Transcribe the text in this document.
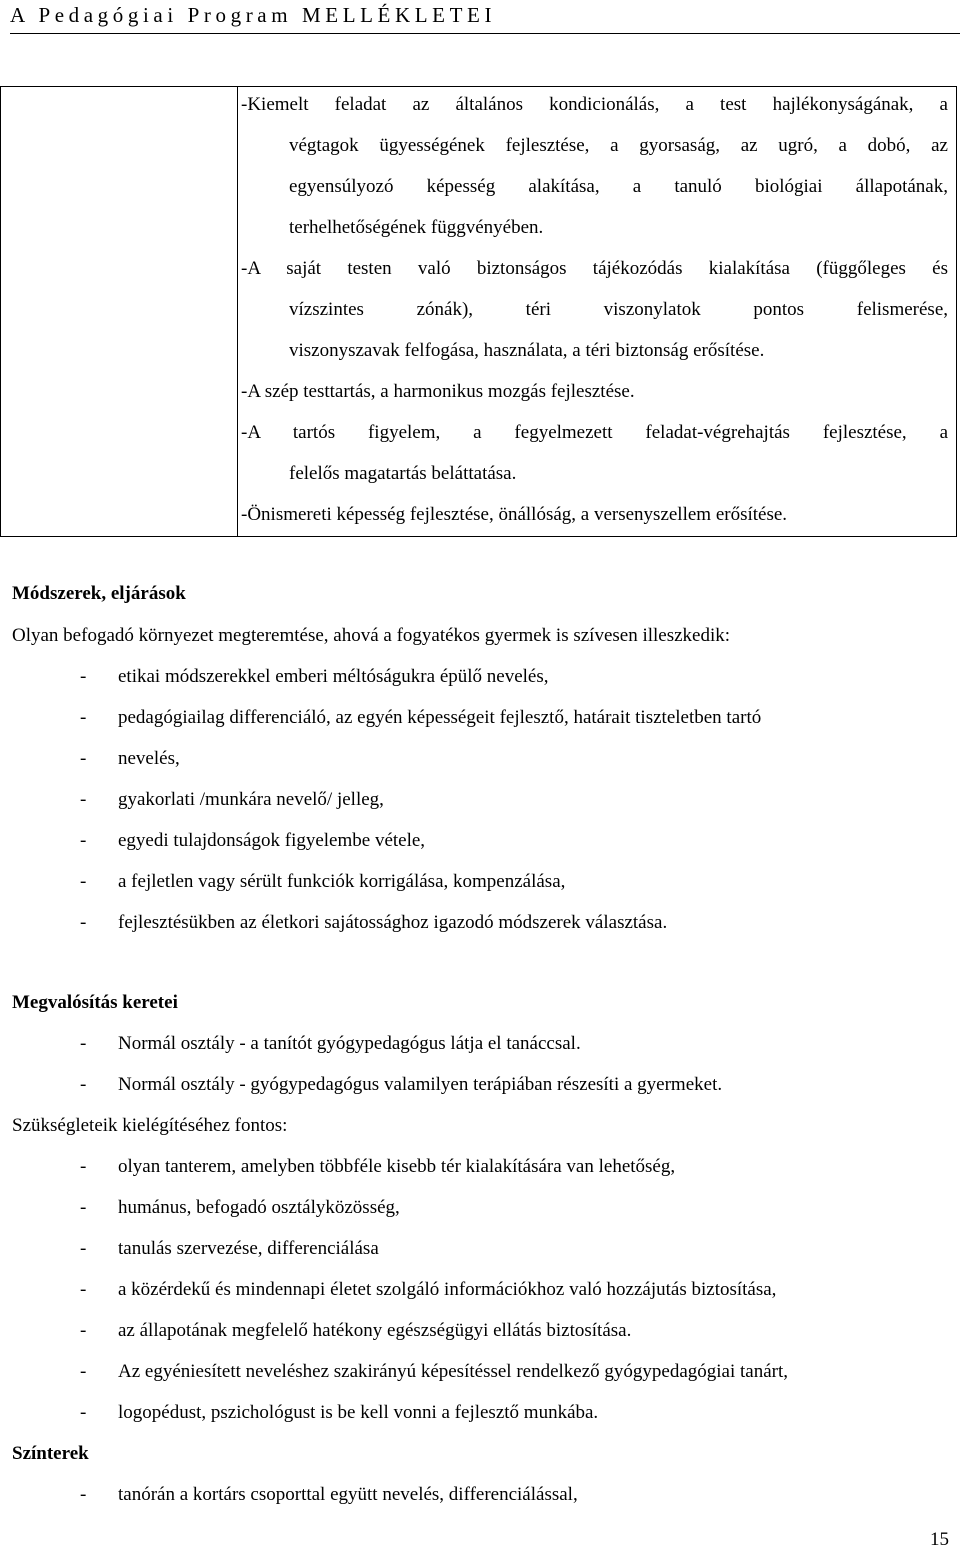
A Pedagógiai Program MELLÉKLETEI
-Kiemelt feladat az általános kondicionálás, a test hajlékonyságának, a
végtagok ügyességének fejlesztése, a gyorsaság, az ugró, a dobó, az
egyensúlyozó képesség alakítása, a tanuló biológiai állapotának,
terhelhetőségének függvényében.
-A saját testen való biztonságos tájékozódás kialakítása (függőleges és
vízszintes zónák), téri viszonylatok pontos felismerése,
viszonyszavak felfogása, használata, a téri biztonság erősítése.
-A szép testtartás, a harmonikus mozgás fejlesztése.
-A tartós figyelem, a fegyelmezett feladat-végrehajtás fejlesztése, a
felelős magatartás beláttatása.
-Önismereti képesség fejlesztése, önállóság, a versenyszellem erősítése.
Módszerek, eljárások
Olyan befogadó környezet megteremtése, ahová a fogyatékos gyermek is szívesen illeszkedik:
- etikai módszerekkel emberi méltóságukra épülő nevelés,
- pedagógiailag differenciáló, az egyén képességeit fejlesztő, határait tiszteletben tartó
- nevelés,
- gyakorlati /munkára nevelő/ jelleg,
- egyedi tulajdonságok figyelembe vétele,
- a fejletlen vagy sérült funkciók korrigálása, kompenzálása,
- fejlesztésükben az életkori sajátossághoz igazodó módszerek választása.
Megvalósítás keretei
- Normál osztály - a tanítót gyógypedagógus látja el tanáccsal.
- Normál osztály - gyógypedagógus valamilyen terápiában részesíti a gyermeket.
Szükségleteik kielégítéséhez fontos:
- olyan tanterem, amelyben többféle kisebb tér kialakítására van lehetőség,
- humánus, befogadó osztályközösség,
- tanulás szervezése, differenciálása
- a közérdekű és mindennapi életet szolgáló információkhoz való hozzájutás biztosítása,
- az állapotának megfelelő hatékony egészségügyi ellátás biztosítása.
- Az egyéniesített neveléshez szakirányú képesítéssel rendelkező gyógypedagógiai tanárt,
- logopédust, pszichológust is be kell vonni a fejlesztő munkába.
Színterek
- tanórán a kortárs csoporttal együtt nevelés, differenciálással,
15
